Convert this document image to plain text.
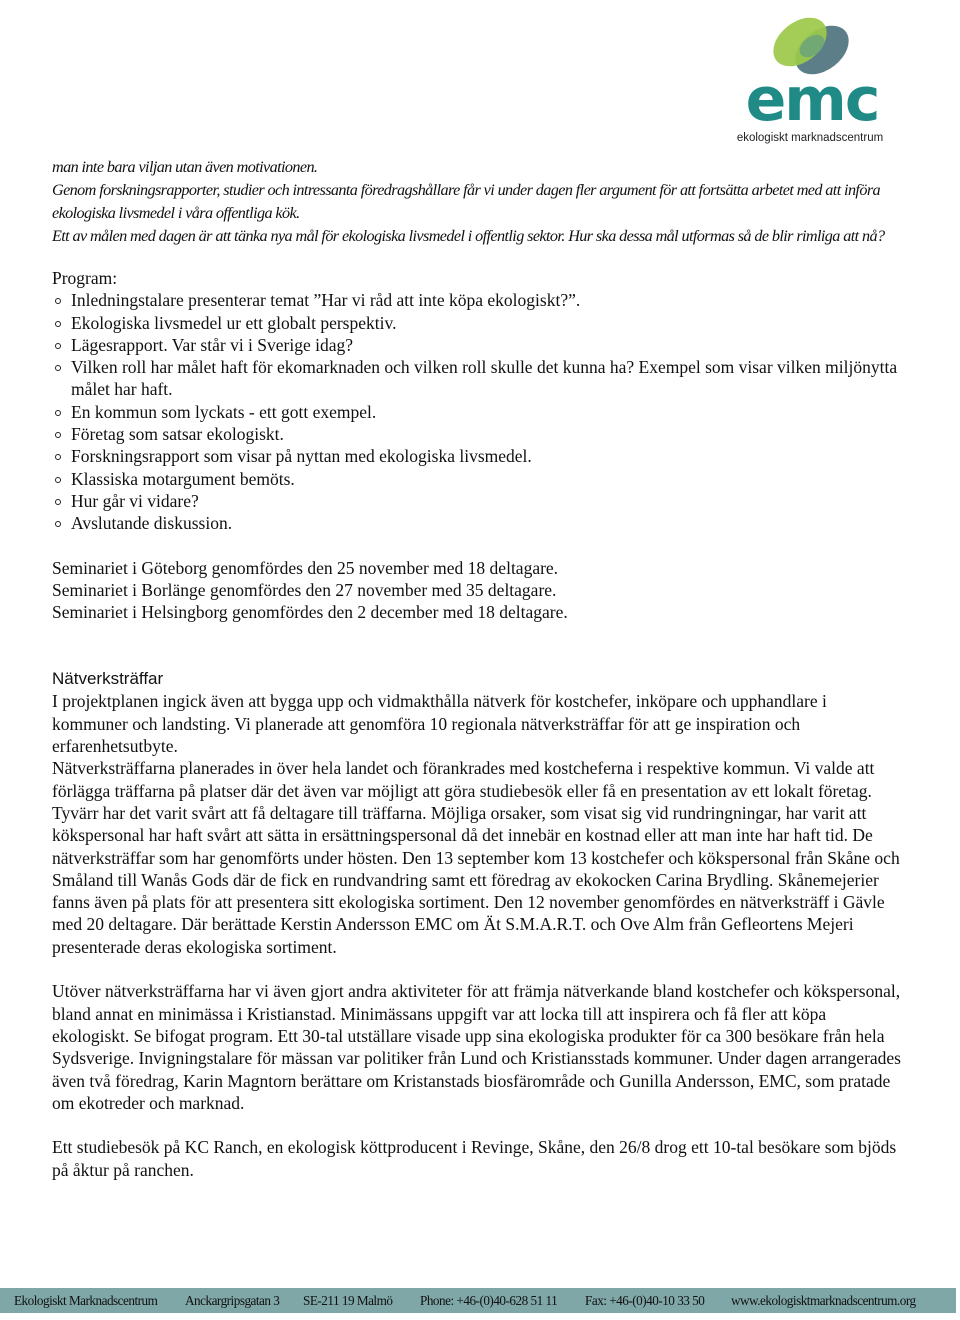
emc
ekologiskt marknadscentrum

man inte bara viljan utan även motivationen.

Genom forskningsrapporter, studier och intressanta föredragshållare får vi under dagen fler argument för att fortsätta arbetet med att införa ekologiska livsmedel i våra offentliga kök.

Ett av målen med dagen är att tänka nya mål för ekologiska livsmedel i offentlig sektor. Hur ska dessa mål utformas så de blir rimliga att nå?

Program:

Inledningstalare presenterar temat ”Har vi råd att inte köpa ekologiskt?”.
Ekologiska livsmedel ur ett globalt perspektiv.
Lägesrapport. Var står vi i Sverige idag?
Vilken roll har målet haft för ekomarknaden och vilken roll skulle det kunna ha? Exempel som visar vilken miljönytta målet har haft.
En kommun som lyckats - ett gott exempel.
Företag som satsar ekologiskt.
Forskningsrapport som visar på nyttan med ekologiska livsmedel.
Klassiska motargument bemöts.
Hur går vi vidare?
Avslutande diskussion.

Seminariet i Göteborg genomfördes den 25 november med 18 deltagare.

Seminariet i Borlänge genomfördes den 27 november med 35 deltagare.

Seminariet i Helsingborg genomfördes den 2 december med 18 deltagare.

Nätverksträffar

I projektplanen ingick även att bygga upp och vidmakthålla nätverk för kostchefer, inköpare och upphandlare i kommuner och landsting. Vi planerade att genomföra 10 regionala nätverksträffar för att ge inspiration och erfarenhetsutbyte.

Nätverksträffarna planerades in över hela landet och förankrades med kostcheferna i respektive kommun. Vi valde att förlägga träffarna på platser där det även var möjligt att göra studiebesök eller få en presentation av ett lokalt företag. Tyvärr har det varit svårt att få deltagare till träffarna. Möjliga orsaker, som visat sig vid rundringningar, har varit att kökspersonal har haft svårt att sätta in ersättningspersonal då det innebär en kostnad eller att man inte har haft tid. De nätverksträffar som har genomförts under hösten. Den 13 september kom 13 kostchefer och kökspersonal från Skåne och Småland till Wanås Gods där de fick en rundvandring samt ett föredrag av ekokocken Carina Brydling. Skånemejerier fanns även på plats för att presentera sitt ekologiska sortiment. Den 12 november genomfördes en nätverksträff i Gävle med 20 deltagare. Där berättade Kerstin Andersson EMC om Ät S.M.A.R.T. och Ove Alm från Gefleortens Mejeri presenterade deras ekologiska sortiment.

Utöver nätverksträffarna har vi även gjort andra aktiviteter för att främja nätverkande bland kostchefer och kökspersonal, bland annat en minimässa i Kristianstad. Minimässans uppgift var att locka till att inspirera och få fler att köpa ekologiskt. Se bifogat program. Ett 30-tal utställare visade upp sina ekologiska produkter för ca 300 besökare från hela Sydsverige. Invigningstalare för mässan var politiker från Lund och Kristiansstads kommuner. Under dagen arrangerades även två föredrag, Karin Magntorn berättare om Kristanstads biosfärområde och Gunilla Andersson, EMC, som pratade om ekotreder och marknad.

Ett studiebesök på KC Ranch, en ekologisk köttproducent i Revinge, Skåne, den 26/8 drog ett 10-tal besökare som bjöds på åktur på ranchen.

Ekologiskt Marknadscentrum Anckargripsgatan 3 SE-211 19 Malmö Phone: +46-(0)40-628 51 11 Fax: +46-(0)40-10 33 50 www.ekologisktmarknadscentrum.org
